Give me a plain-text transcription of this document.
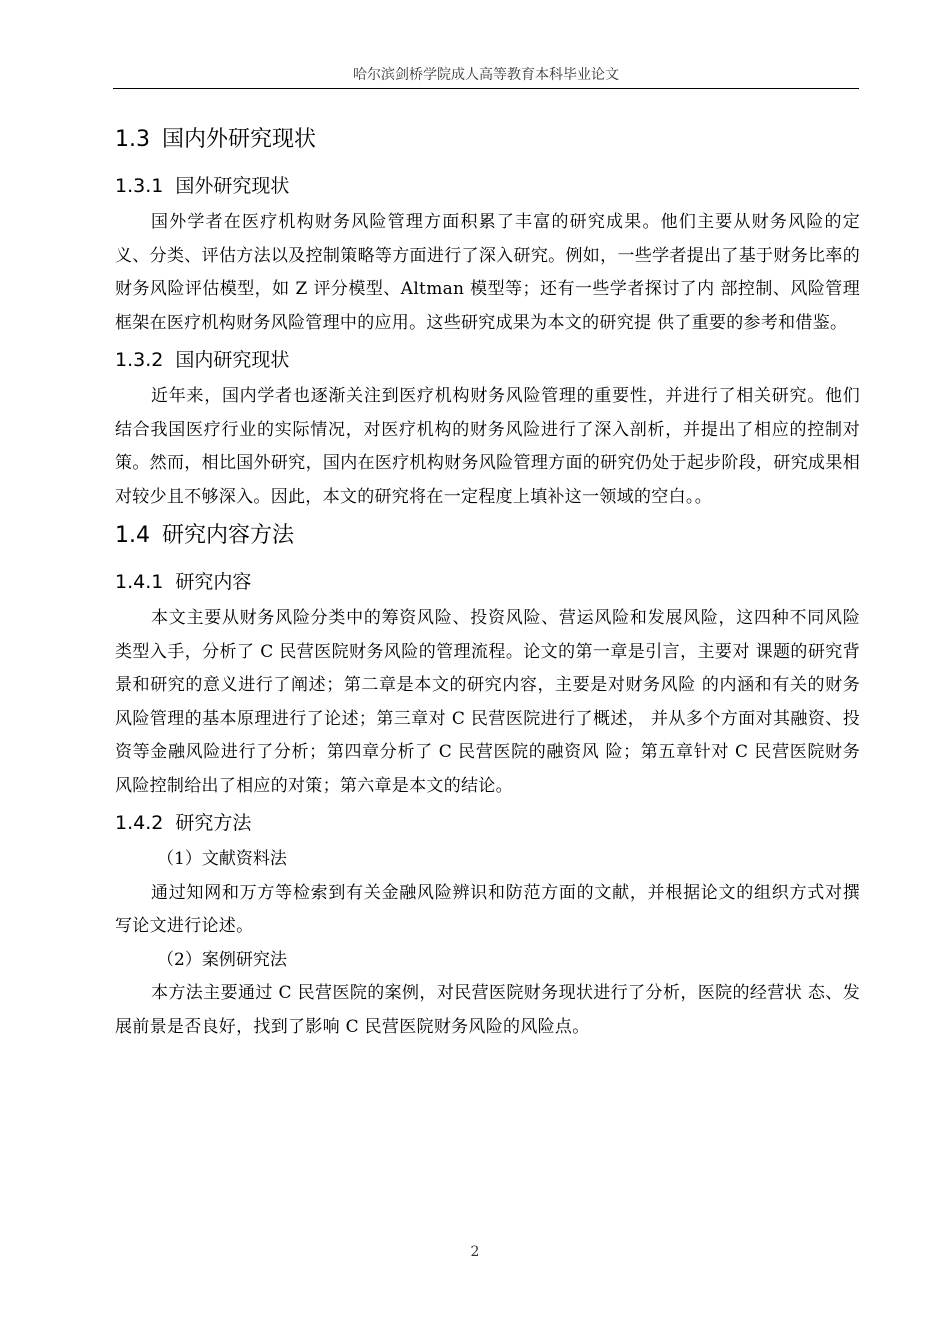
哈尔滨剑桥学院成人高等教育本科毕业论文
1.3 国内外研究现状
1.3.1 国外研究现状

国外学者在医疗机构财务风险管理方面积累了丰富的研究成果。他们主要从财务风险的定义、分类、评估方法以及控制策略等方面进行了深入研究。例如，一些学者提出了基于财务比率的财务风险评估模型，如 Z 评分模型、Altman 模型等；还有一些学者探讨了内 部控制、风险管理框架在医疗机构财务风险管理中的应用。这些研究成果为本文的研究提 供了重要的参考和借鉴。

1.3.2 国内研究现状

近年来，国内学者也逐渐关注到医疗机构财务风险管理的重要性，并进行了相关研究。他们结合我国医疗行业的实际情况，对医疗机构的财务风险进行了深入剖析，并提出了相应的控制对策。然而，相比国外研究，国内在医疗机构财务风险管理方面的研究仍处于起步阶段，研究成果相对较少且不够深入。因此，本文的研究将在一定程度上填补这一领域的空白。。

1.4 研究内容方法
1.4.1 研究内容

本文主要从财务风险分类中的筹资风险、投资风险、营运风险和发展风险，这四种不同风险类型入手，分析了 C 民营医院财务风险的管理流程。论文的第一章是引言，主要对 课题的研究背景和研究的意义进行了阐述；第二章是本文的研究内容，主要是对财务风险 的内涵和有关的财务风险管理的基本原理进行了论述；第三章对 C 民营医院进行了概述， 并从多个方面对其融资、投资等金融风险进行了分析；第四章分析了 C 民营医院的融资风 险；第五章针对 C 民营医院财务风险控制给出了相应的对策；第六章是本文的结论。

1.4.2 研究方法

（1）文献资料法

通过知网和万方等检索到有关金融风险辨识和防范方面的文献，并根据论文的组织方式对撰写论文进行论述。

（2）案例研究法

本方法主要通过 C 民营医院的案例，对民营医院财务现状进行了分析，医院的经营状 态、发展前景是否良好，找到了影响 C 民营医院财务风险的风险点。

2
